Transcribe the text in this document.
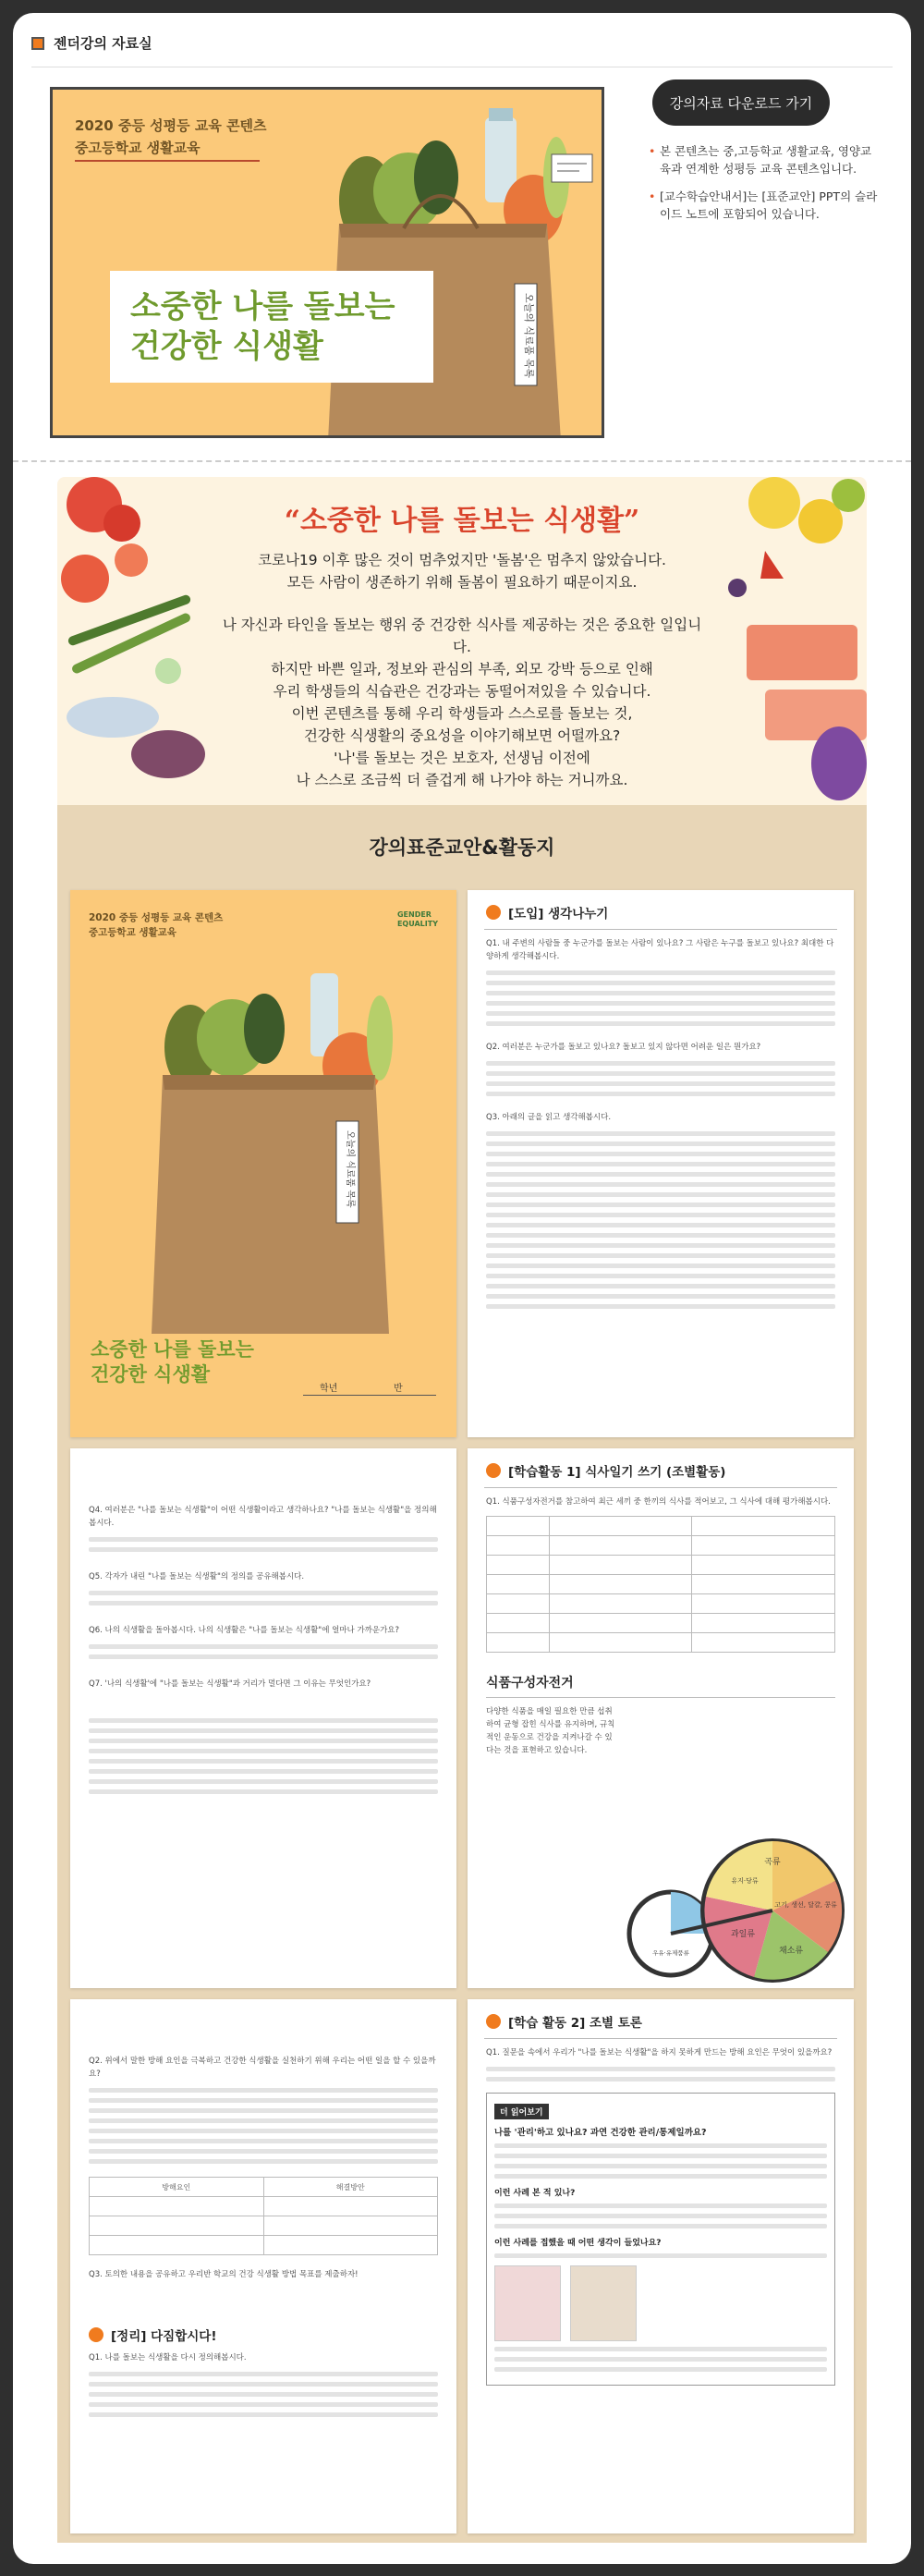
젠더강의 자료실
2020 중등 성평등 교육 콘텐츠
중고등학교 생활교육
오늘의 식료품 목록
소중한 나를 돌보는
건강한 식생활
강의자료 다운로드 가기
• 본 콘텐츠는 중,고등학교 생활교육, 영양교육과 연계한 성평등 교육 콘텐츠입니다.
• [교수학습안내서]는 [표준교안] PPT의 슬라이드 노트에 포함되어 있습니다.
“소중한 나를 돌보는 식생활”

코로나19 이후 많은 것이 멈추었지만 '돌봄'은 멈추지 않았습니다.
모든 사람이 생존하기 위해 돌봄이 필요하기 때문이지요.

나 자신과 타인을 돌보는 행위 중 건강한 식사를 제공하는 것은 중요한 일입니다.
하지만 바쁜 일과, 정보와 관심의 부족, 외모 강박 등으로 인해
우리 학생들의 식습관은 건강과는 동떨어져있을 수 있습니다.

이번 콘텐츠를 통해 우리 학생들과 스스로를 돌보는 것,
건강한 식생활의 중요성을 이야기해보면 어떨까요?
'나'를 돌보는 것은 보호자, 선생님 이전에
나 스스로 조금씩 더 즐겁게 해 나가야 하는 거니까요.

강의표준교안&활동지
2020 중등 성평등 교육 콘텐츠
중고등학교 생활교육
GENDER
EQUALITY
오늘의 식료품 목록
소중한 나를 돌보는
건강한 식생활
학년	반
[도입] 생각나누기
Q1. 내 주변의 사람들 중 누군가를 돌보는 사람이 있나요? 그 사람은 누구를 돌보고 있나요? 최대한 다양하게 생각해봅시다.
Q2. 여러분은 누군가를 돌보고 있나요? 돌보고 있지 않다면 어려운 일은 뭔가요?
Q3. 아래의 글을 읽고 생각해봅시다.
Q4. 여러분은 "나를 돌보는 식생활"이 어떤 식생활이라고 생각하나요? "나를 돌보는 식생활"을 정의해봅시다.
Q5. 각자가 내린 "나를 돌보는 식생활"의 정의를 공유해봅시다.
Q6. 나의 식생활을 돌아봅시다. 나의 식생활은 "나를 돌보는 식생활"에 얼마나 가까운가요?
Q7. '나의 식생활'에 "나를 돌보는 식생활"과 거리가 멀다면 그 이유는 무엇인가요?
[학습활동 1] 식사일기 쓰기 (조별활동)
Q1. 식품구성자전거를 참고하여 최근 세끼 중 한끼의 식사를 적어보고, 그 식사에 대해 평가해봅시다.

식품구성자전거
다양한 식품을 매일 필요한 만큼 섭취하여 균형 잡힌 식사를 유지하며, 규칙적인 운동으로 건강을 지켜나갈 수 있다는 것을 표현하고 있습니다.
곡류
고기, 생선, 달걀, 콩류
채소류
과일류
우유·유제품류
유지·당류
Q2. 위에서 말한 방해 요인을 극복하고 건강한 식생활을 실천하기 위해 우리는 어떤 일을 할 수 있을까요?
방해요인	해결방안

Q3. 토의한 내용을 공유하고 우리반 학교의 건강 식생활 방법 목표를 제출하자!
[정리] 다짐합시다!
Q1. 나를 돌보는 식생활을 다시 정의해봅시다.
[학습 활동 2] 조별 토론
Q1. 질문을 속에서 우리가 "나를 돌보는 식생활"을 하지 못하게 만드는 방해 요인은 무엇이 있을까요?
더 읽어보기
나를 '관리'하고 있나요? 과연 건강한 관리/통제일까요?
이런 사례 본 적 있나?
이런 사례를 접했을 때 어떤 생각이 들었나요?
